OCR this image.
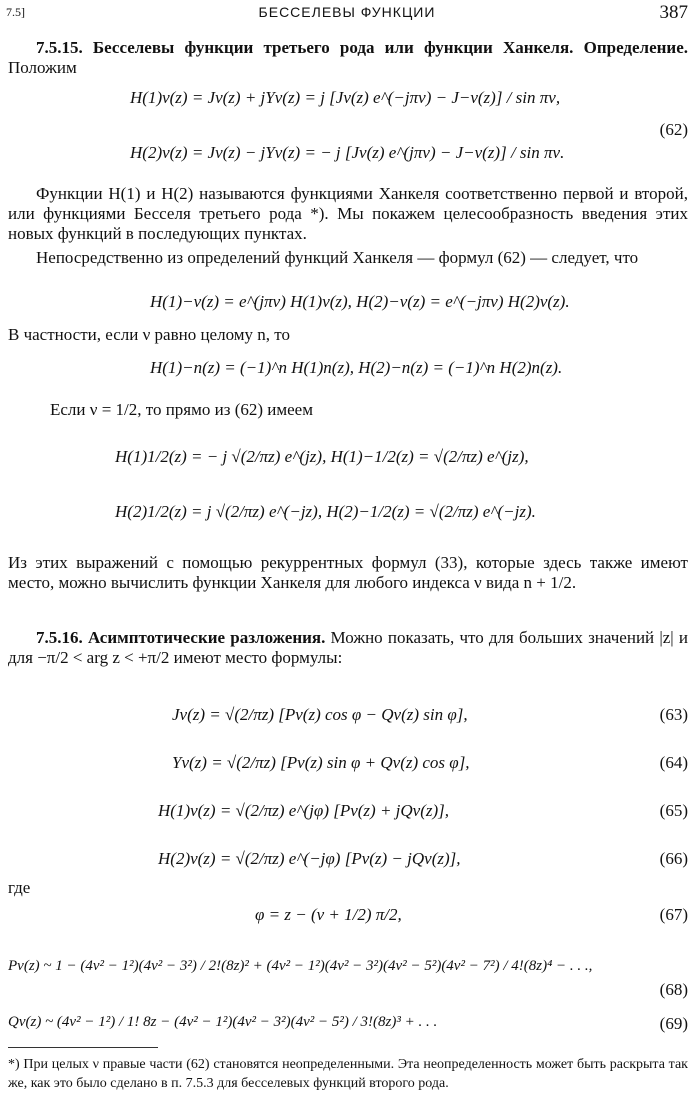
7.5]	БЕССЕЛЕВЫ ФУНКЦИИ	387
7.5.15. Бесселевы функции третьего рода или функции Ханкеля. Определение. Положим
H(1)ν(z) = Jν(z) + jYν(z) = j [Jν(z) e^(−jπν) − J−ν(z)] / sin πν,
H(2)ν(z) = Jν(z) − jYν(z) = − j [Jν(z) e^(jπν) − J−ν(z)] / sin πν.
(62)
Функции H(1) и H(2) называются функциями Ханкеля соответственно первой и второй, или функциями Бесселя третьего рода *). Мы покажем целесообразность введения этих новых функций в последующих пунктах.
Непосредственно из определений функций Ханкеля — формул (62) — следует, что
H(1)−ν(z) = e^(jπν) H(1)ν(z), H(2)−ν(z) = e^(−jπν) H(2)ν(z).
В частности, если ν равно целому n, то
H(1)−n(z) = (−1)^n H(1)n(z), H(2)−n(z) = (−1)^n H(2)n(z).
Если ν = 1/2, то прямо из (62) имеем
H(1)1/2(z) = − j √(2/πz) e^(jz), H(1)−1/2(z) = √(2/πz) e^(jz),
H(2)1/2(z) = j √(2/πz) e^(−jz), H(2)−1/2(z) = √(2/πz) e^(−jz).
Из этих выражений с помощью рекуррентных формул (33), которые здесь также имеют место, можно вычислить функции Ханкеля для любого индекса ν вида n + 1/2.
7.5.16. Асимптотические разложения. Можно показать, что для больших значений |z| и для −π/2 < arg z < +π/2 имеют место формулы:
Jν(z) = √(2/πz) [Pν(z) cos φ − Qν(z) sin φ],	(63)
Yν(z) = √(2/πz) [Pν(z) sin φ + Qν(z) cos φ],	(64)
H(1)ν(z) = √(2/πz) e^(jφ) [Pν(z) + jQν(z)],	(65)
H(2)ν(z) = √(2/πz) e^(−jφ) [Pν(z) − jQν(z)],	(66)
где
φ = z − (ν + 1/2) π/2,	(67)
Pν(z) ~ 1 − (4ν² − 1²)(4ν² − 3²) / 2!(8z)² + (4ν² − 1²)(4ν² − 3²)(4ν² − 5²)(4ν² − 7²) / 4!(8z)⁴ − . . .,
(68)
Qν(z) ~ (4ν² − 1²) / 1! 8z − (4ν² − 1²)(4ν² − 3²)(4ν² − 5²) / 3!(8z)³ + . . .	(69)
*) При целых ν правые части (62) становятся неопределенными. Эта неопределенность может быть раскрыта так же, как это было сделано в п. 7.5.3 для бесселевых функций второго рода.
